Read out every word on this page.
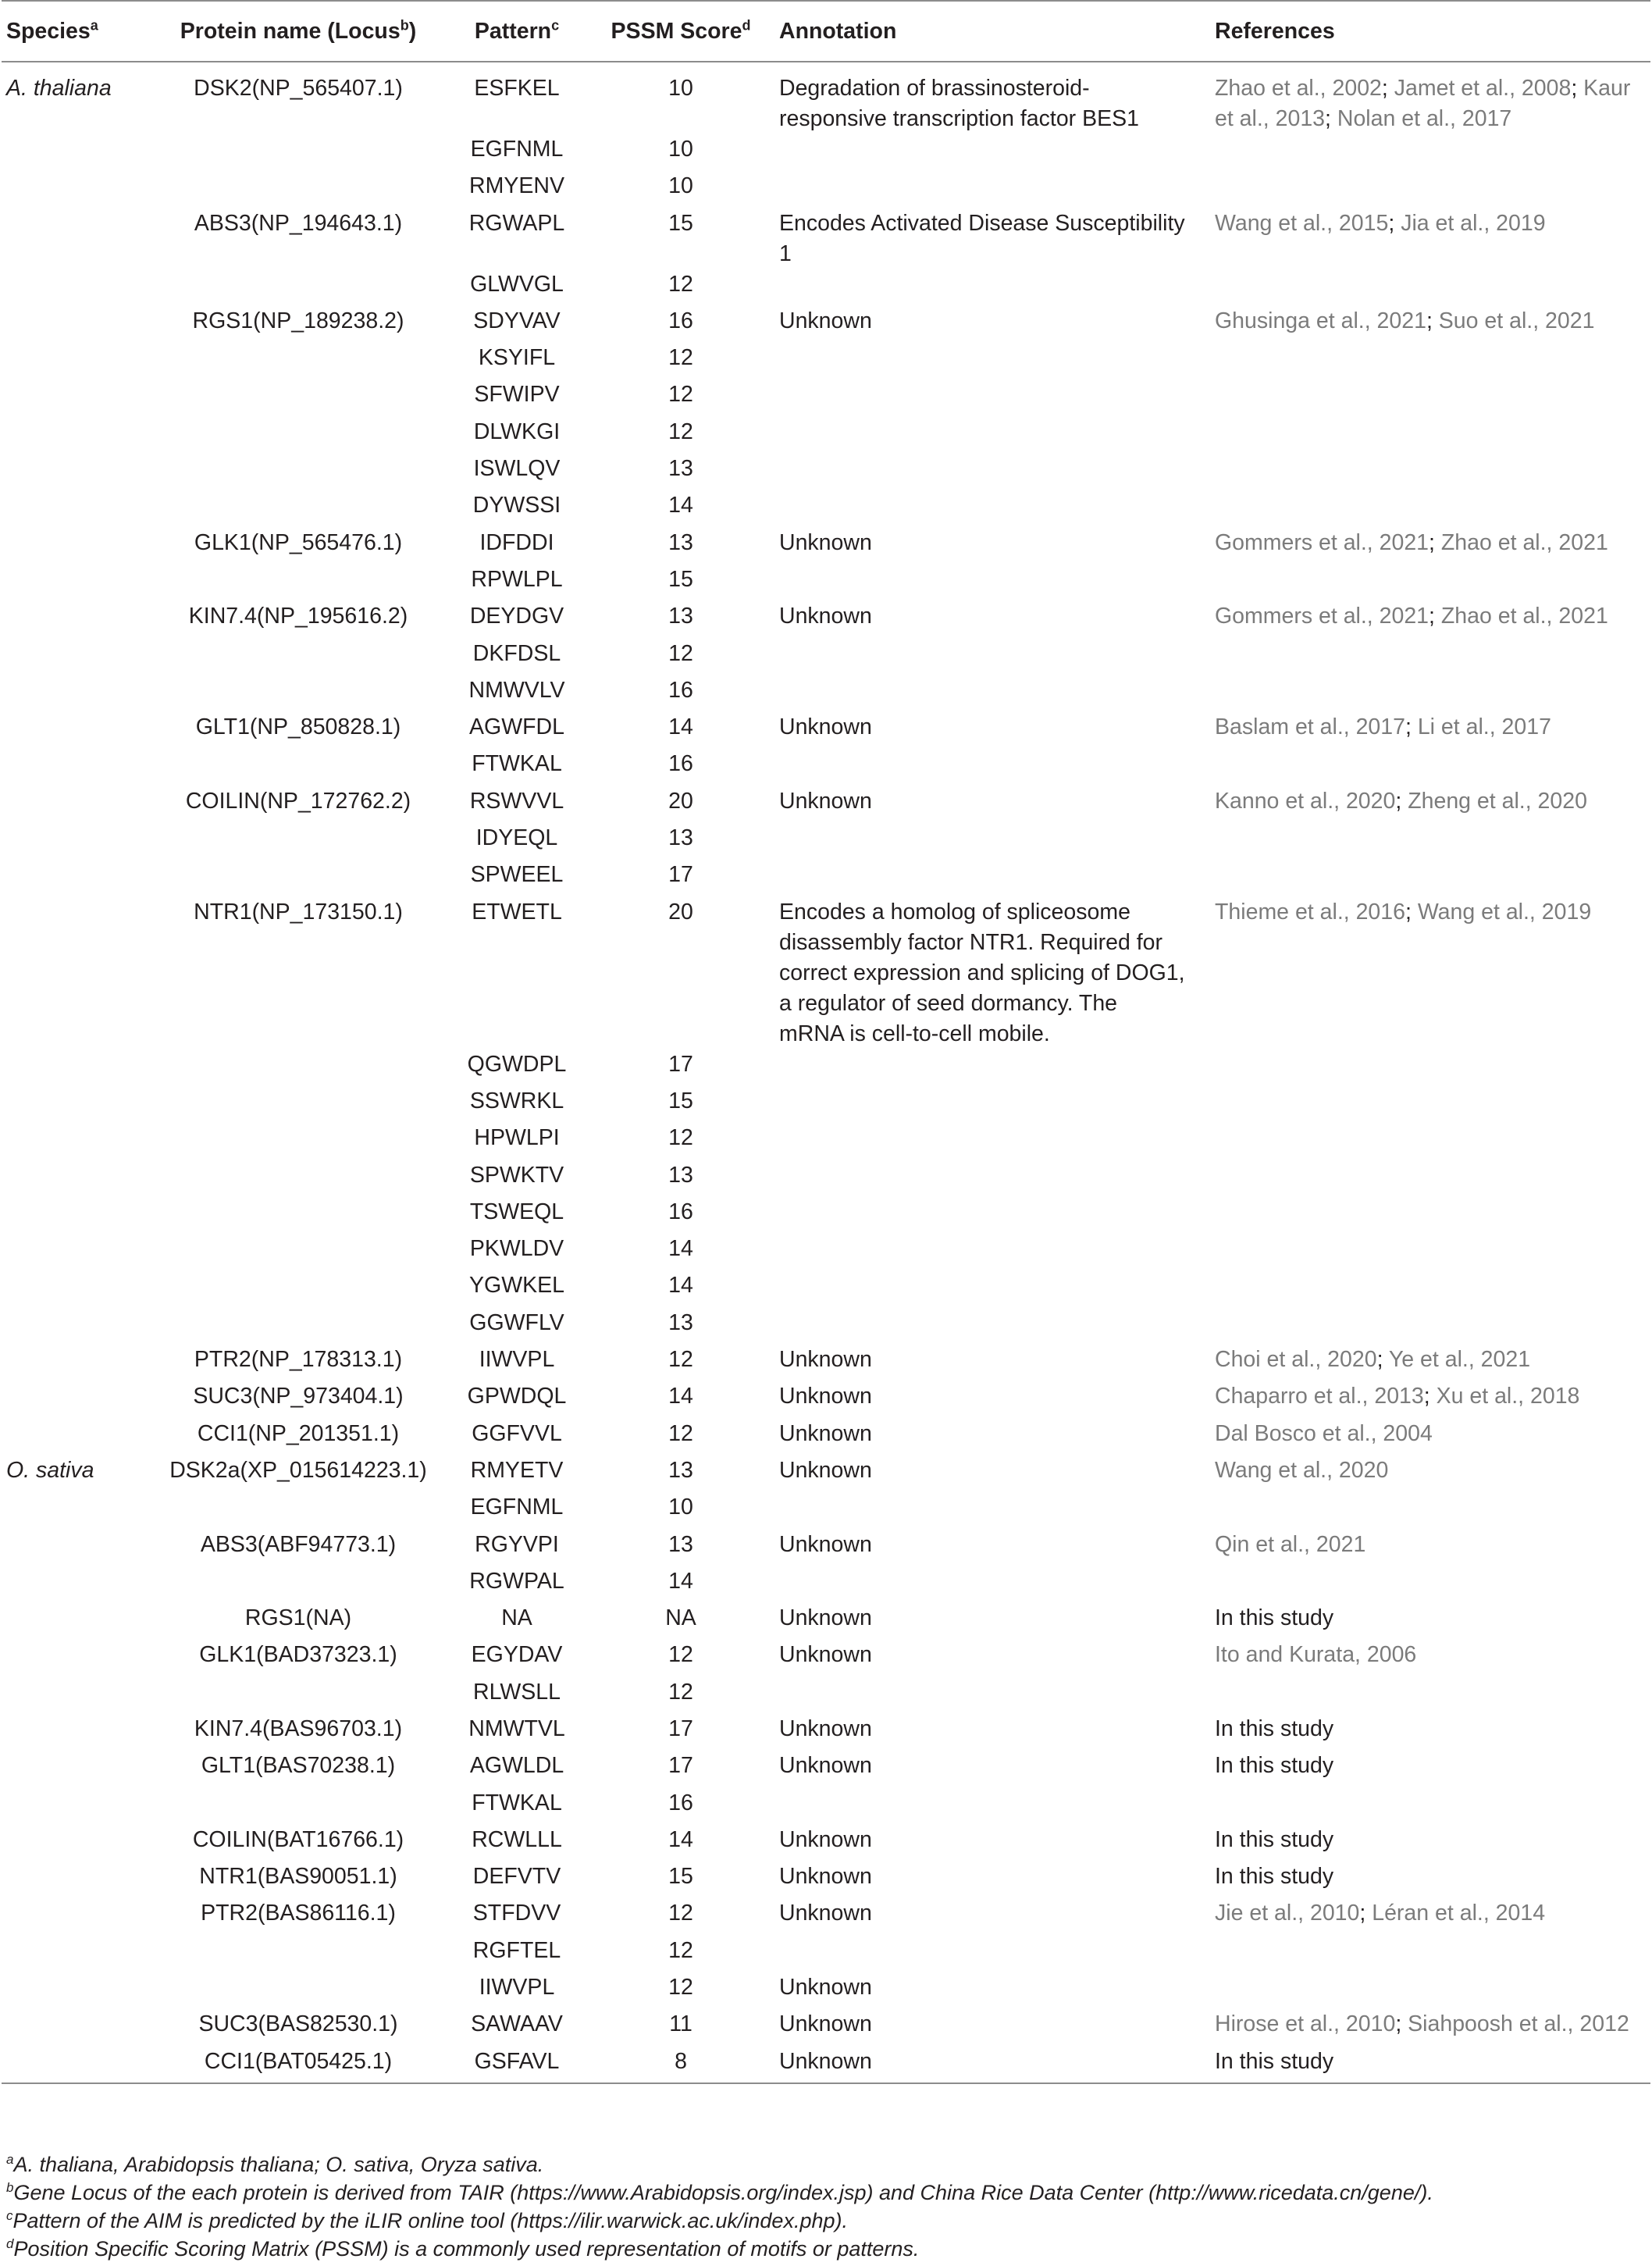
Species$^a$	Protein name (Locus$^b$)	Pattern$^c$	PSSM Score$^d$	Annotation	References
A. thaliana	DSK2(NP_565407.1)	ESFKEL	10	Degradation of brassinosteroid-responsive transcription factor BES1	Zhao et al., 2002; Jamet et al., 2008; Kaur et al., 2013; Nolan et al., 2017
		EGFNML	10		
		RMYENV	10		
	ABS3(NP_194643.1)	RGWAPL	15	Encodes Activated Disease Susceptibility 1	Wang et al., 2015; Jia et al., 2019
		GLWVGL	12		
	RGS1(NP_189238.2)	SDYVAV	16	Unknown	Ghusinga et al., 2021; Suo et al., 2021
		KSYIFL	12		
		SFWIPV	12		
		DLWKGI	12		
		ISWLQV	13		
		DYWSSI	14		
	GLK1(NP_565476.1)	IDFDDI	13	Unknown	Gommers et al., 2021; Zhao et al., 2021
		RPWLPL	15		
	KIN7.4(NP_195616.2)	DEYDGV	13	Unknown	Gommers et al., 2021; Zhao et al., 2021
		DKFDSL	12		
		NMWVLV	16		
	GLT1(NP_850828.1)	AGWFDL	14	Unknown	Baslam et al., 2017; Li et al., 2017
		FTWKAL	16		
	COILIN(NP_172762.2)	RSWVVL	20	Unknown	Kanno et al., 2020; Zheng et al., 2020
		IDYEQL	13		
		SPWEEL	17		
	NTR1(NP_173150.1)	ETWETL	20	Encodes a homolog of spliceosome disassembly factor NTR1. Required for correct expression and splicing of DOG1, a regulator of seed dormancy. The mRNA is cell-to-cell mobile.	Thieme et al., 2016; Wang et al., 2019
		QGWDPL	17		
		SSWRKL	15		
		HPWLPI	12		
		SPWKTV	13		
		TSWEQL	16		
		PKWLDV	14		
		YGWKEL	14		
		GGWFLV	13		
	PTR2(NP_178313.1)	IIWVPL	12	Unknown	Choi et al., 2020; Ye et al., 2021
	SUC3(NP_973404.1)	GPWDQL	14	Unknown	Chaparro et al., 2013; Xu et al., 2018
	CCI1(NP_201351.1)	GGFVVL	12	Unknown	Dal Bosco et al., 2004
O. sativa	DSK2a(XP_015614223.1)	RMYETV	13	Unknown	Wang et al., 2020
		EGFNML	10		
	ABS3(ABF94773.1)	RGYVPI	13	Unknown	Qin et al., 2021
		RGWPAL	14		
	RGS1(NA)	NA	NA	Unknown	In this study
	GLK1(BAD37323.1)	EGYDAV	12	Unknown	Ito and Kurata, 2006
		RLWSLL	12		
	KIN7.4(BAS96703.1)	NMWTVL	17	Unknown	In this study
	GLT1(BAS70238.1)	AGWLDL	17	Unknown	In this study
		FTWKAL	16		
	COILIN(BAT16766.1)	RCWLLL	14	Unknown	In this study
	NTR1(BAS90051.1)	DEFVTV	15	Unknown	In this study
	PTR2(BAS86116.1)	STFDVV	12	Unknown	Jie et al., 2010; Léran et al., 2014
		RGFTEL	12		
		IIWVPL	12	Unknown	
	SUC3(BAS82530.1)	SAWAAV	11	Unknown	Hirose et al., 2010; Siahpoosh et al., 2012
	CCI1(BAT05425.1)	GSFAVL	8	Unknown	In this study
$^a$A. thaliana, Arabidopsis thaliana; O. sativa, Oryza sativa.
$^b$Gene Locus of the each protein is derived from TAIR (https://www.Arabidopsis.org/index.jsp) and China Rice Data Center (http://www.ricedata.cn/gene/).
$^c$Pattern of the AIM is predicted by the iLIR online tool (https://ilir.warwick.ac.uk/index.php).
$^d$Position Specific Scoring Matrix (PSSM) is a commonly used representation of motifs or patterns.
